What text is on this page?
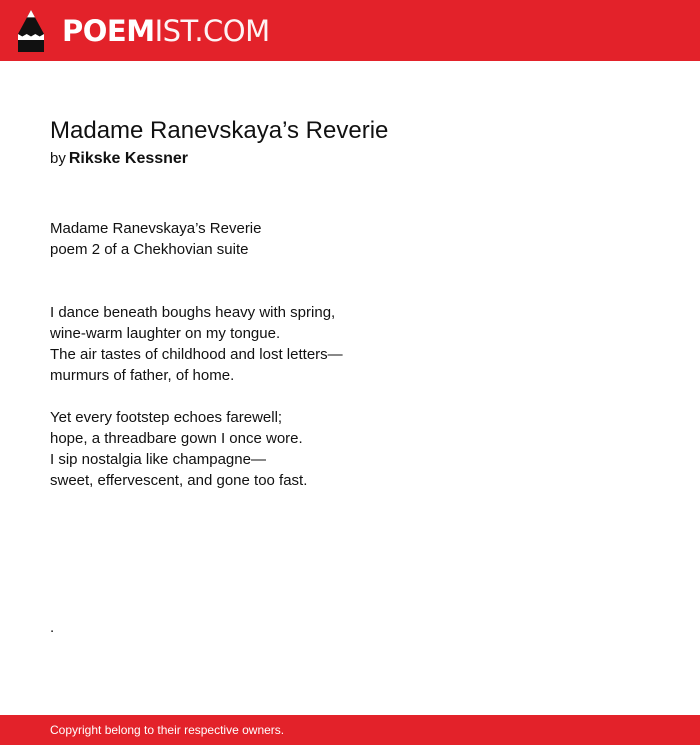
POEMIST.COM
Madame Ranevskaya’s Reverie
by Rikske Kessner
Madame Ranevskaya’s Reverie
poem 2 of a Chekhovian suite
I dance beneath boughs heavy with spring,
wine-warm laughter on my tongue.
The air tastes of childhood and lost letters—
murmurs of father, of home.
Yet every footstep echoes farewell;
hope, a threadbare gown I once wore.
I sip nostalgia like champagne—
sweet, effervescent, and gone too fast.
.
Copyright belong to their respective owners.
